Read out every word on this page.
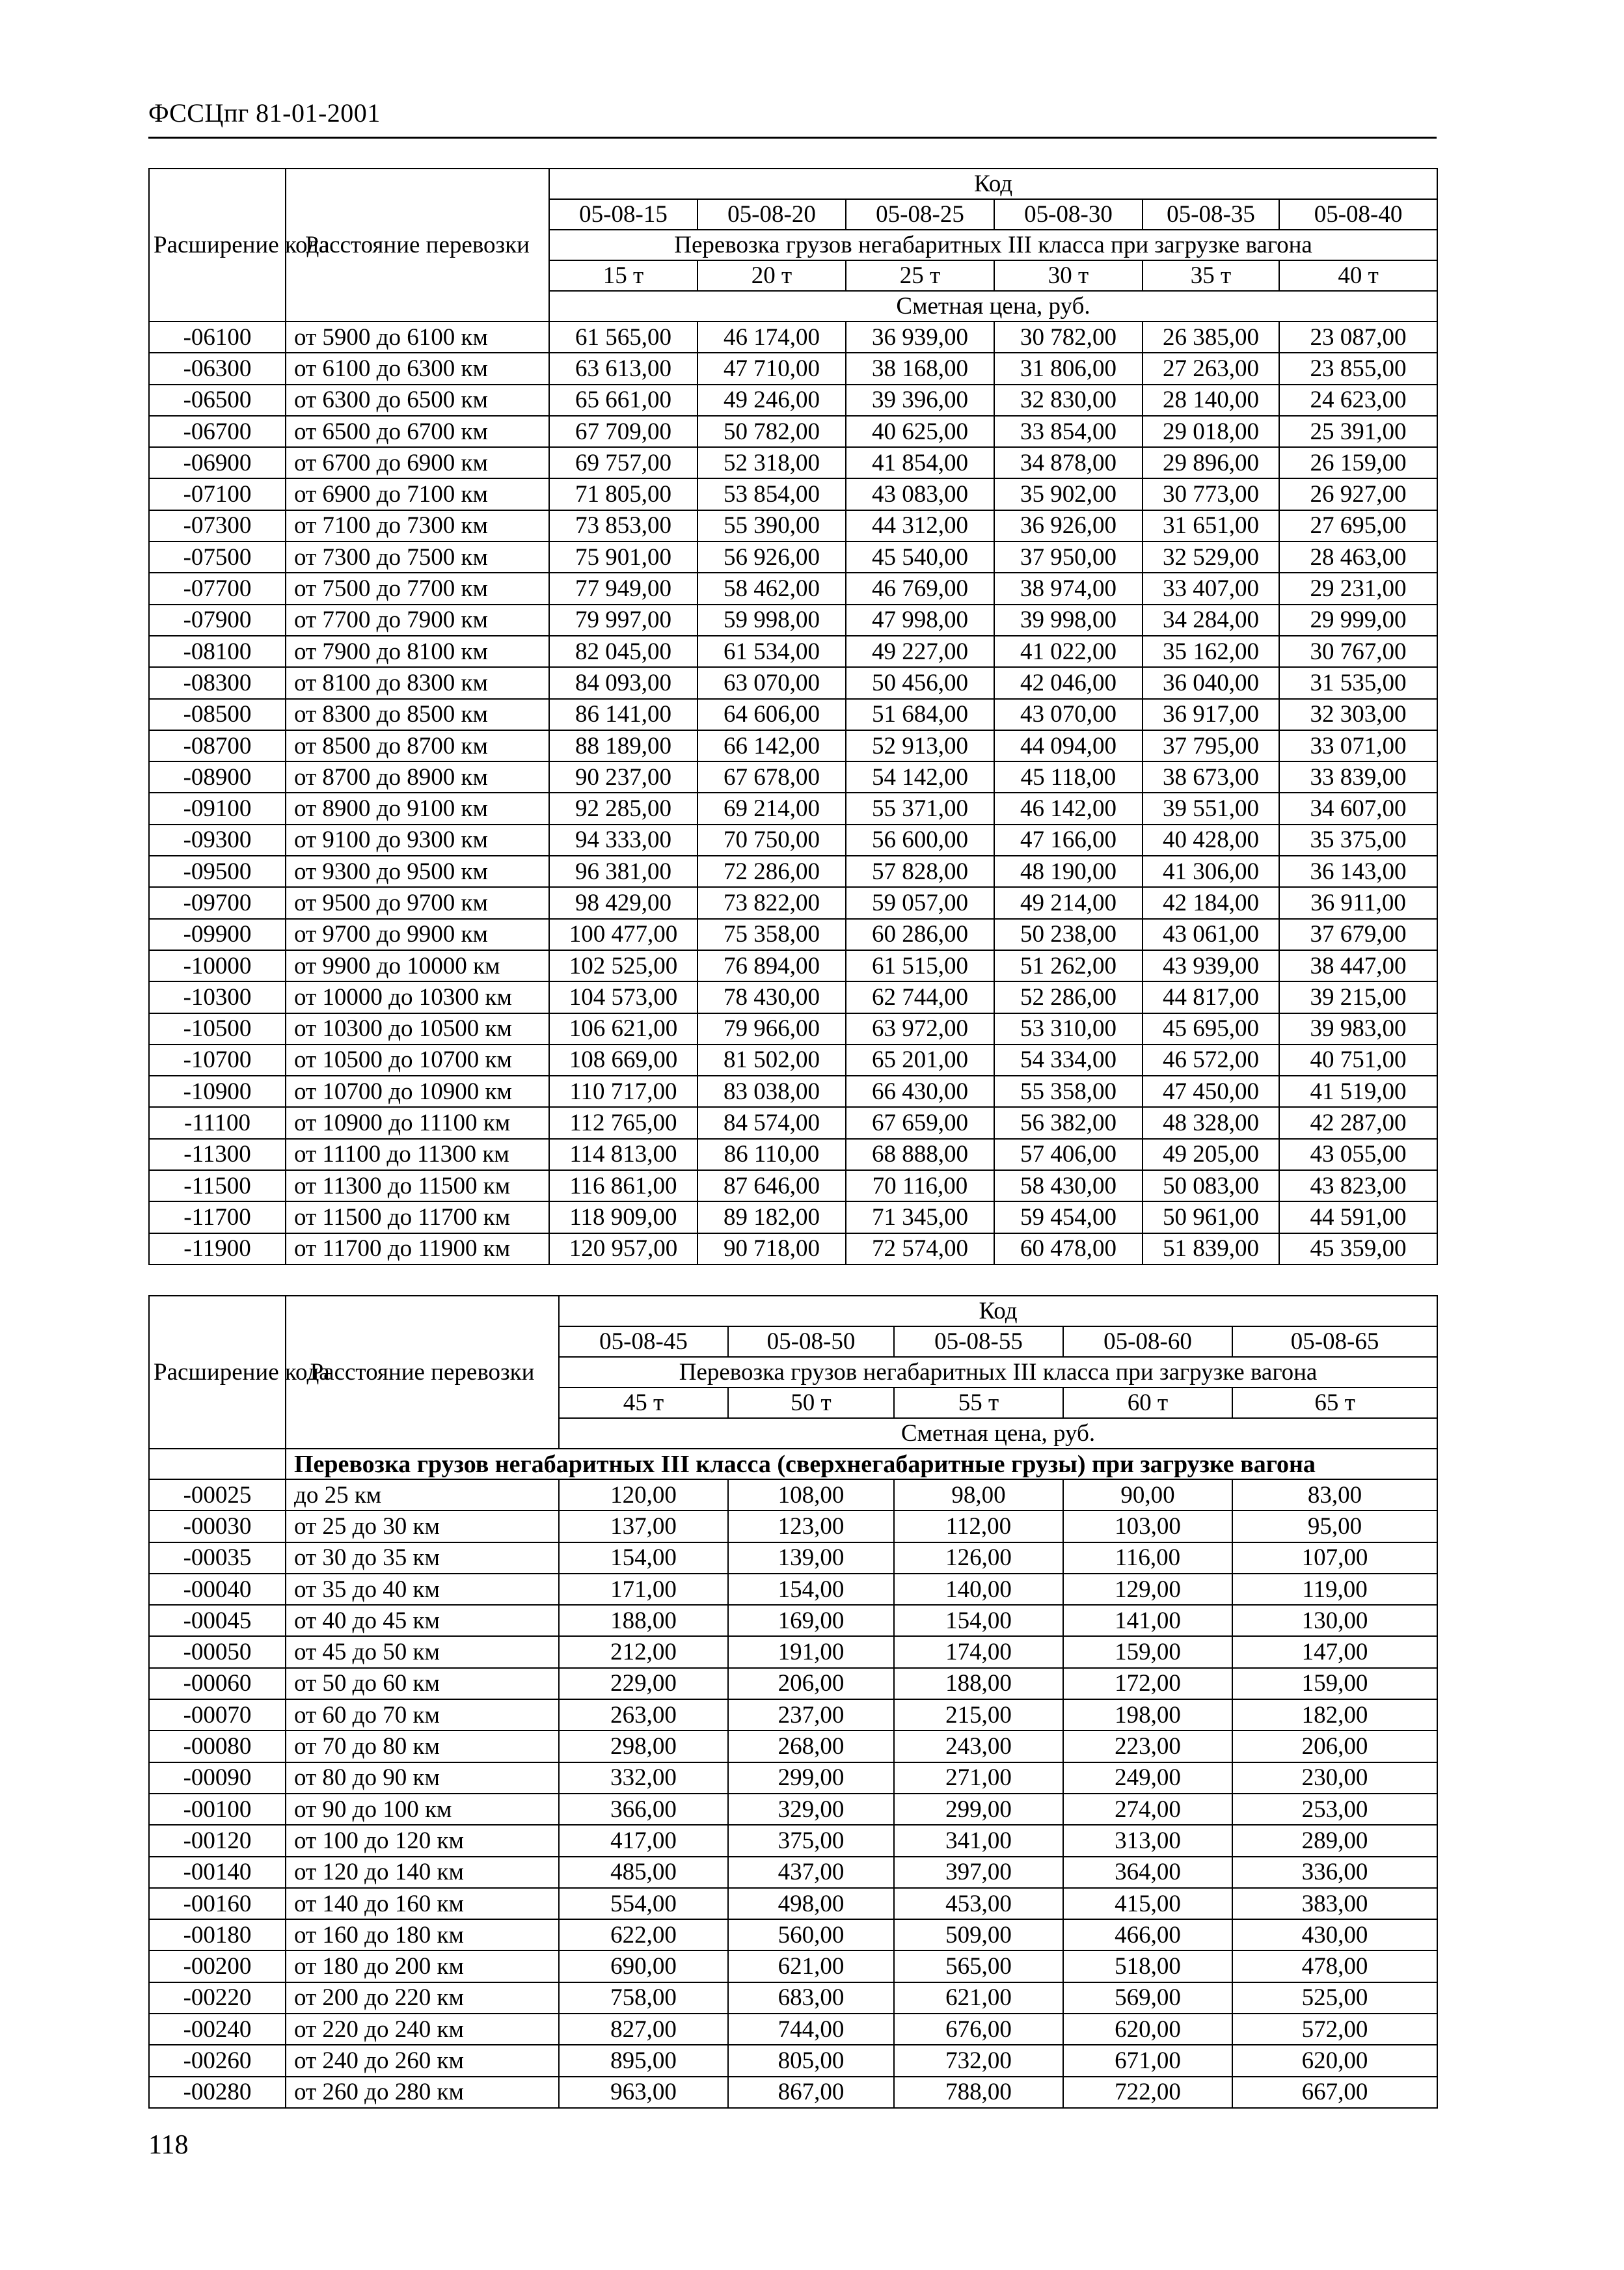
ФССЦпг 81-01-2001
Расширение кода	Расстояние перевозки	Код					
		05-08-15	05-08-20	05-08-25	05-08-30	05-08-35	05-08-40
		Перевозка грузов негабаритных III класса при загрузке вагона					
		15 т	20 т	25 т	30 т	35 т	40 т
		Сметная цена, руб.					
-06100	от 5900 до 6100 км	61 565,00	46 174,00	36 939,00	30 782,00	26 385,00	23 087,00
-06300	от 6100 до 6300 км	63 613,00	47 710,00	38 168,00	31 806,00	27 263,00	23 855,00
-06500	от 6300 до 6500 км	65 661,00	49 246,00	39 396,00	32 830,00	28 140,00	24 623,00
-06700	от 6500 до 6700 км	67 709,00	50 782,00	40 625,00	33 854,00	29 018,00	25 391,00
-06900	от 6700 до 6900 км	69 757,00	52 318,00	41 854,00	34 878,00	29 896,00	26 159,00
-07100	от 6900 до 7100 км	71 805,00	53 854,00	43 083,00	35 902,00	30 773,00	26 927,00
-07300	от 7100 до 7300 км	73 853,00	55 390,00	44 312,00	36 926,00	31 651,00	27 695,00
-07500	от 7300 до 7500 км	75 901,00	56 926,00	45 540,00	37 950,00	32 529,00	28 463,00
-07700	от 7500 до 7700 км	77 949,00	58 462,00	46 769,00	38 974,00	33 407,00	29 231,00
-07900	от 7700 до 7900 км	79 997,00	59 998,00	47 998,00	39 998,00	34 284,00	29 999,00
-08100	от 7900 до 8100 км	82 045,00	61 534,00	49 227,00	41 022,00	35 162,00	30 767,00
-08300	от 8100 до 8300 км	84 093,00	63 070,00	50 456,00	42 046,00	36 040,00	31 535,00
-08500	от 8300 до 8500 км	86 141,00	64 606,00	51 684,00	43 070,00	36 917,00	32 303,00
-08700	от 8500 до 8700 км	88 189,00	66 142,00	52 913,00	44 094,00	37 795,00	33 071,00
-08900	от 8700 до 8900 км	90 237,00	67 678,00	54 142,00	45 118,00	38 673,00	33 839,00
-09100	от 8900 до 9100 км	92 285,00	69 214,00	55 371,00	46 142,00	39 551,00	34 607,00
-09300	от 9100 до 9300 км	94 333,00	70 750,00	56 600,00	47 166,00	40 428,00	35 375,00
-09500	от 9300 до 9500 км	96 381,00	72 286,00	57 828,00	48 190,00	41 306,00	36 143,00
-09700	от 9500 до 9700 км	98 429,00	73 822,00	59 057,00	49 214,00	42 184,00	36 911,00
-09900	от 9700 до 9900 км	100 477,00	75 358,00	60 286,00	50 238,00	43 061,00	37 679,00
-10000	от 9900 до 10000 км	102 525,00	76 894,00	61 515,00	51 262,00	43 939,00	38 447,00
-10300	от 10000 до 10300 км	104 573,00	78 430,00	62 744,00	52 286,00	44 817,00	39 215,00
-10500	от 10300 до 10500 км	106 621,00	79 966,00	63 972,00	53 310,00	45 695,00	39 983,00
-10700	от 10500 до 10700 км	108 669,00	81 502,00	65 201,00	54 334,00	46 572,00	40 751,00
-10900	от 10700 до 10900 км	110 717,00	83 038,00	66 430,00	55 358,00	47 450,00	41 519,00
-11100	от 10900 до 11100 км	112 765,00	84 574,00	67 659,00	56 382,00	48 328,00	42 287,00
-11300	от 11100 до 11300 км	114 813,00	86 110,00	68 888,00	57 406,00	49 205,00	43 055,00
-11500	от 11300 до 11500 км	116 861,00	87 646,00	70 116,00	58 430,00	50 083,00	43 823,00
-11700	от 11500 до 11700 км	118 909,00	89 182,00	71 345,00	59 454,00	50 961,00	44 591,00
-11900	от 11700 до 11900 км	120 957,00	90 718,00	72 574,00	60 478,00	51 839,00	45 359,00
Расширение кода	Расстояние перевозки	Код				
		05-08-45	05-08-50	05-08-55	05-08-60	05-08-65
		Перевозка грузов негабаритных III класса при загрузке вагона				
		45 т	50 т	55 т	60 т	65 т
		Сметная цена, руб.				
	Перевозка грузов негабаритных III класса (сверхнегабаритные грузы) при загрузке вагона					
-00025	до 25 км	120,00	108,00	98,00	90,00	83,00
-00030	от 25 до 30 км	137,00	123,00	112,00	103,00	95,00
-00035	от 30 до 35 км	154,00	139,00	126,00	116,00	107,00
-00040	от 35 до 40 км	171,00	154,00	140,00	129,00	119,00
-00045	от 40 до 45 км	188,00	169,00	154,00	141,00	130,00
-00050	от 45 до 50 км	212,00	191,00	174,00	159,00	147,00
-00060	от 50 до 60 км	229,00	206,00	188,00	172,00	159,00
-00070	от 60 до 70 км	263,00	237,00	215,00	198,00	182,00
-00080	от 70 до 80 км	298,00	268,00	243,00	223,00	206,00
-00090	от 80 до 90 км	332,00	299,00	271,00	249,00	230,00
-00100	от 90 до 100 км	366,00	329,00	299,00	274,00	253,00
-00120	от 100 до 120 км	417,00	375,00	341,00	313,00	289,00
-00140	от 120 до 140 км	485,00	437,00	397,00	364,00	336,00
-00160	от 140 до 160 км	554,00	498,00	453,00	415,00	383,00
-00180	от 160 до 180 км	622,00	560,00	509,00	466,00	430,00
-00200	от 180 до 200 км	690,00	621,00	565,00	518,00	478,00
-00220	от 200 до 220 км	758,00	683,00	621,00	569,00	525,00
-00240	от 220 до 240 км	827,00	744,00	676,00	620,00	572,00
-00260	от 240 до 260 км	895,00	805,00	732,00	671,00	620,00
-00280	от 260 до 280 км	963,00	867,00	788,00	722,00	667,00
118
